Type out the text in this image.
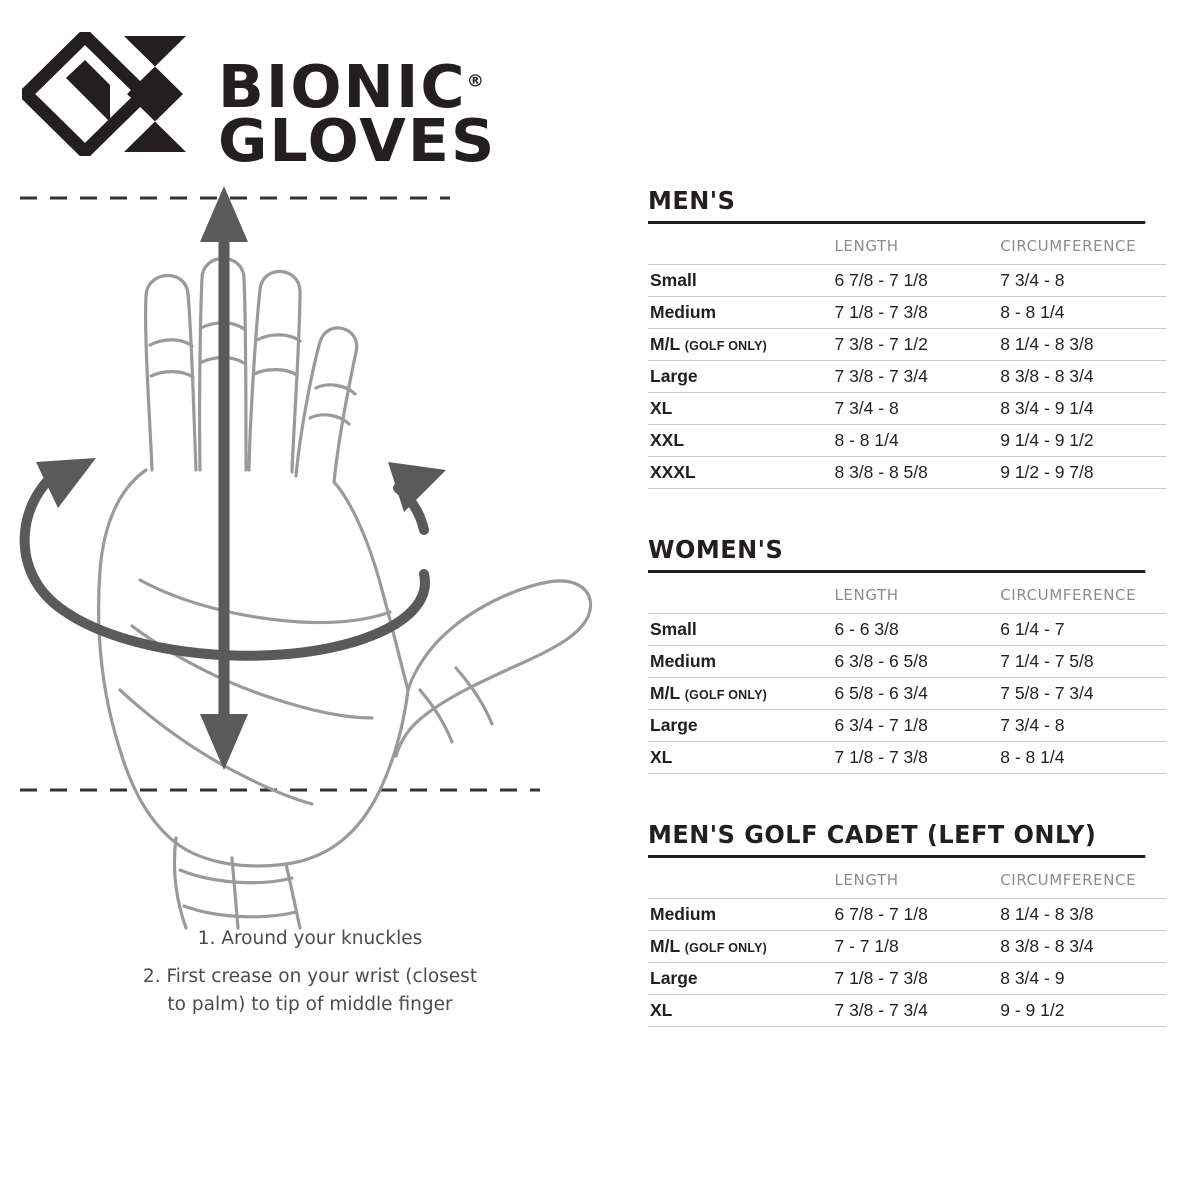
BIONIC®
GLOVES
1. Around your knuckles
2. First crease on your wrist (closest
to palm) to tip of middle finger
MEN'S
	LENGTH	CIRCUMFERENCE
Small	6 7/8 - 7 1/8	7 3/4 - 8
Medium	7 1/8 - 7 3/8	8 - 8 1/4
M/L (GOLF ONLY)	7 3/8 - 7 1/2	8 1/4 - 8 3/8
Large	7 3/8 - 7 3/4	8 3/8 - 8 3/4
XL	7 3/4 - 8	8 3/4 - 9 1/4
XXL	8 - 8 1/4	9 1/4 - 9 1/2
XXXL	8 3/8 - 8 5/8	9 1/2 - 9 7/8
WOMEN'S
	LENGTH	CIRCUMFERENCE
Small	6 - 6 3/8	6 1/4 - 7
Medium	6 3/8 - 6 5/8	7 1/4 - 7 5/8
M/L (GOLF ONLY)	6 5/8 - 6 3/4	7 5/8 - 7 3/4
Large	6 3/4 - 7 1/8	7 3/4 - 8
XL	7 1/8 - 7 3/8	8 - 8 1/4
MEN'S GOLF CADET (LEFT ONLY)
	LENGTH	CIRCUMFERENCE
Medium	6 7/8 - 7 1/8	8 1/4 - 8 3/8
M/L (GOLF ONLY)	7 - 7 1/8	8 3/8 - 8 3/4
Large	7 1/8 - 7 3/8	8 3/4 - 9
XL	7 3/8 - 7 3/4	9 - 9 1/2
